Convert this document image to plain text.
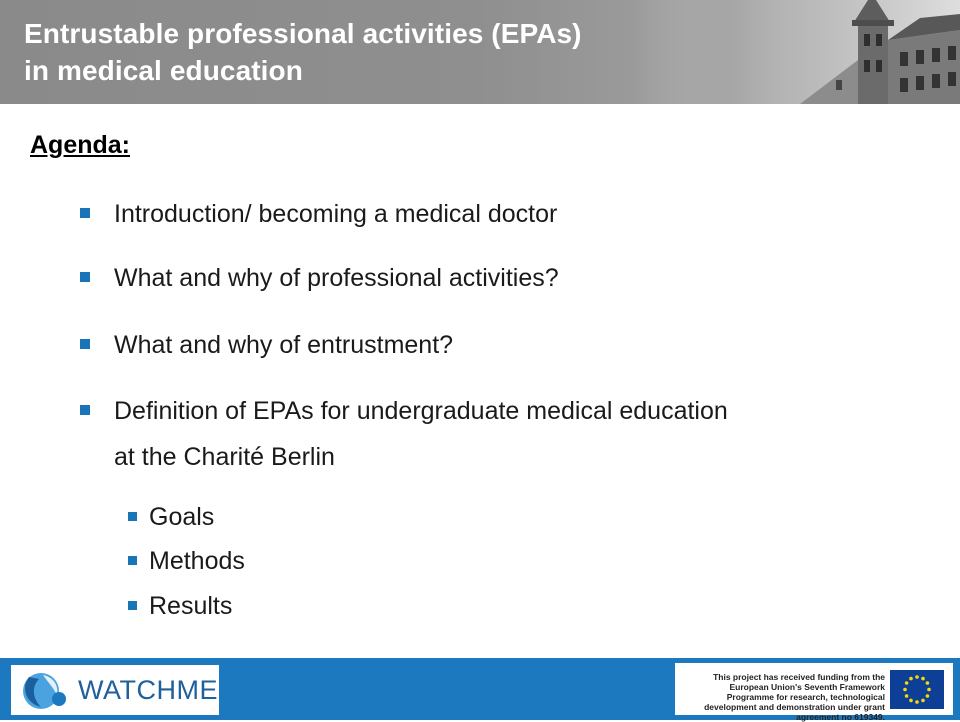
Entrustable professional activities (EPAs)
in medical education
Agenda:
Introduction/ becoming a medical doctor
What and why of professional activities?
What and why of entrustment?
Definition of EPAs for undergraduate medical education
at the Charité Berlin
Goals
Methods
Results
WATCHME	This project has received funding from the European Union's Seventh Framework Programme for research, technological development and demonstration under grant agreement no 619349.
